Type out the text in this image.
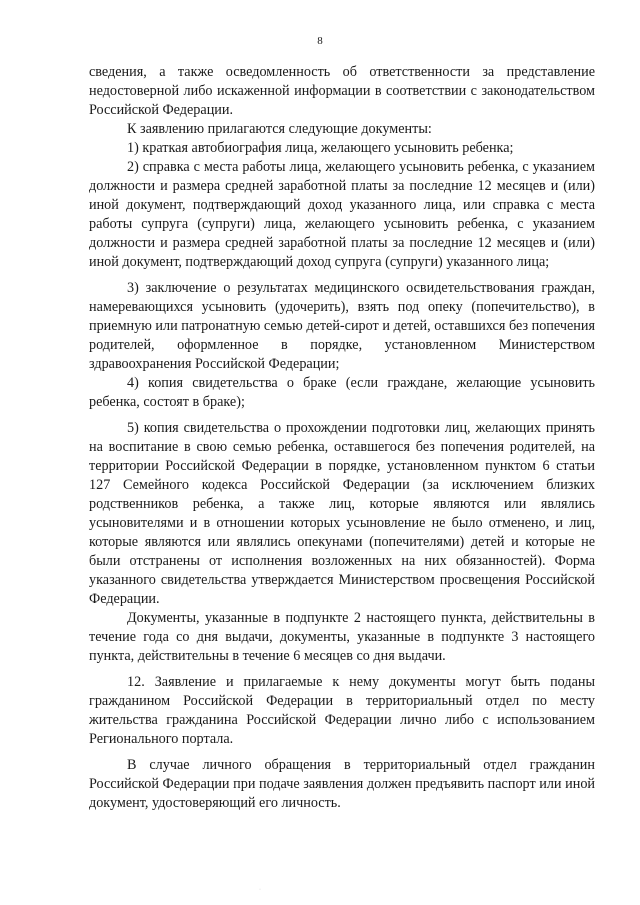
8

сведения, а также осведомленность об ответственности за представление недостоверной либо искаженной информации в соответствии с законодательством Российской Федерации.

К заявлению прилагаются следующие документы:

1) краткая автобиография лица, желающего усыновить ребенка;

2) справка с места работы лица, желающего усыновить ребенка, с указанием должности и размера средней заработной платы за последние 12 месяцев и (или) иной документ, подтверждающий доход указанного лица, или справка с места работы супруга (супруги) лица, желающего усыновить ребенка, с указанием должности и размера средней заработной платы за последние 12 месяцев и (или) иной документ, подтверждающий доход супруга (супруги) указанного лица;

3) заключение о результатах медицинского освидетельствования граждан, намеревающихся усыновить (удочерить), взять под опеку (попечительство), в приемную или патронатную семью детей-сирот и детей, оставшихся без попечения родителей, оформленное в порядке, установленном Министерством здравоохранения Российской Федерации;

4) копия свидетельства о браке (если граждане, желающие усыновить ребенка, состоят в браке);

5) копия свидетельства о прохождении подготовки лиц, желающих принять на воспитание в свою семью ребенка, оставшегося без попечения родителей, на территории Российской Федерации в порядке, установленном пунктом 6 статьи 127 Семейного кодекса Российской Федерации (за исключением близких родственников ребенка, а также лиц, которые являются или являлись усыновителями и в отношении которых усыновление не было отменено, и лиц, которые являются или являлись опекунами (попечителями) детей и которые не были отстранены от исполнения возложенных на них обязанностей). Форма указанного свидетельства утверждается Министерством просвещения Российской Федерации.

Документы, указанные в подпункте 2 настоящего пункта, действительны в течение года со дня выдачи, документы, указанные в подпункте 3 настоящего пункта, действительны в течение 6 месяцев со дня выдачи.

12. Заявление и прилагаемые к нему документы могут быть поданы гражданином Российской Федерации в территориальный отдел по месту жительства гражданина Российской Федерации лично либо с использованием Регионального портала.

В случае личного обращения в территориальный отдел гражданин Российской Федерации при подаче заявления должен предъявить паспорт или иной документ, удостоверяющий его личность.

·
